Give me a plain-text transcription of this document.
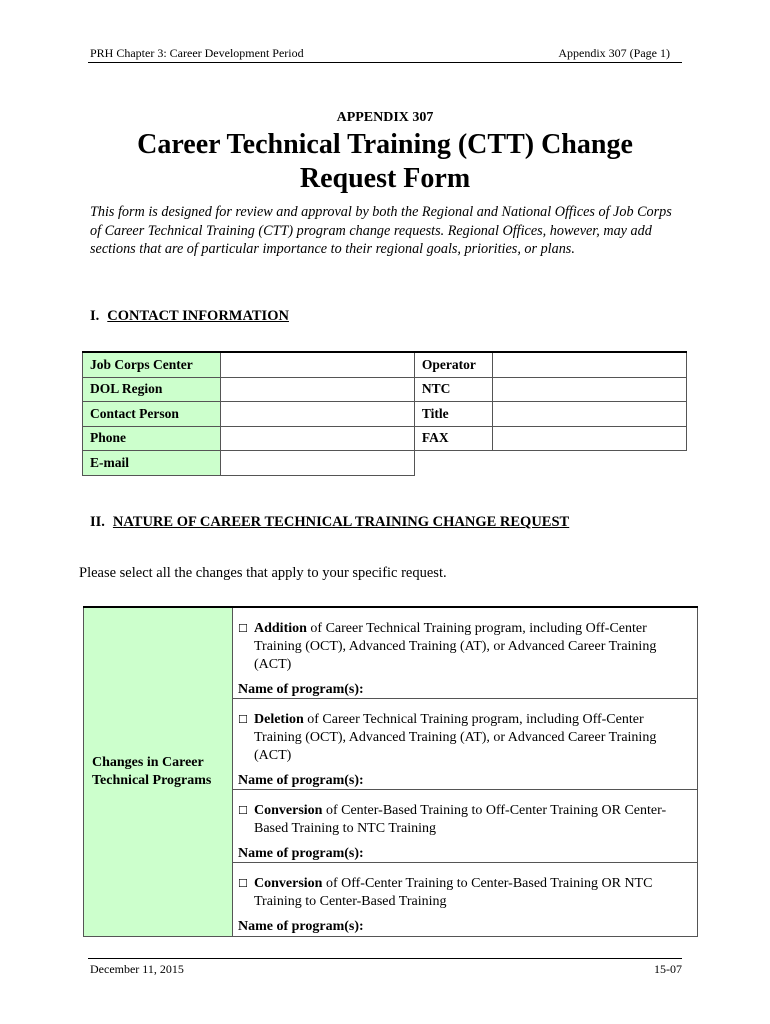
PRH Chapter 3: Career Development Period	Appendix 307 (Page 1)
APPENDIX 307
Career Technical Training (CTT) Change
Request Form
This form is designed for review and approval by both the Regional and National Offices of Job Corps of Career Technical Training (CTT) program change requests. Regional Offices, however, may add sections that are of particular importance to their regional goals, priorities, or plans.
I. CONTACT INFORMATION
Job Corps Center		Operator	
DOL Region		NTC	
Contact Person		Title	
Phone		FAX	
E-mail			
II. NATURE OF CAREER TECHNICAL TRAINING CHANGE REQUEST
Please select all the changes that apply to your specific request.
Changes in Career
Technical Programs

☐ Addition of Career Technical Training program, including Off-Center Training (OCT), Advanced Training (AT), or Advanced Career Training (ACT)
Name of program(s):

☐ Deletion of Career Technical Training program, including Off-Center Training (OCT), Advanced Training (AT), or Advanced Career Training (ACT)
Name of program(s):

☐ Conversion of Center-Based Training to Off-Center Training OR Center-Based Training to NTC Training
Name of program(s):

☐ Conversion of Off-Center Training to Center-Based Training OR NTC Training to Center-Based Training
Name of program(s):
December 11, 2015	15-07
